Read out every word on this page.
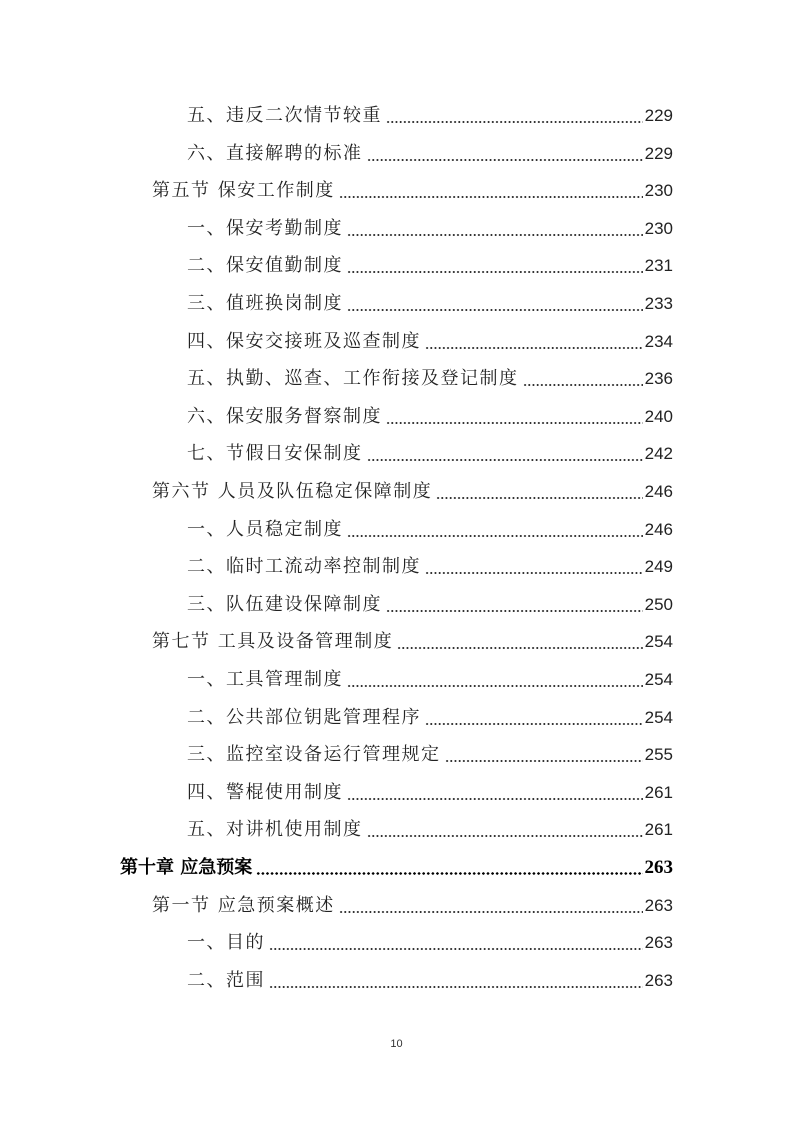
五、违反二次情节较重	229
六、直接解聘的标准	229
第五节 保安工作制度	230
一、保安考勤制度	230
二、保安值勤制度	231
三、值班换岗制度	233
四、保安交接班及巡查制度	234
五、执勤、巡查、工作衔接及登记制度	236
六、保安服务督察制度	240
七、节假日安保制度	242
第六节 人员及队伍稳定保障制度	246
一、人员稳定制度	246
二、临时工流动率控制制度	249
三、队伍建设保障制度	250
第七节 工具及设备管理制度	254
一、工具管理制度	254
二、公共部位钥匙管理程序	254
三、监控室设备运行管理规定	255
四、警棍使用制度	261
五、对讲机使用制度	261
第十章 应急预案	263
第一节 应急预案概述	263
一、目的	263
二、范围	263
10
